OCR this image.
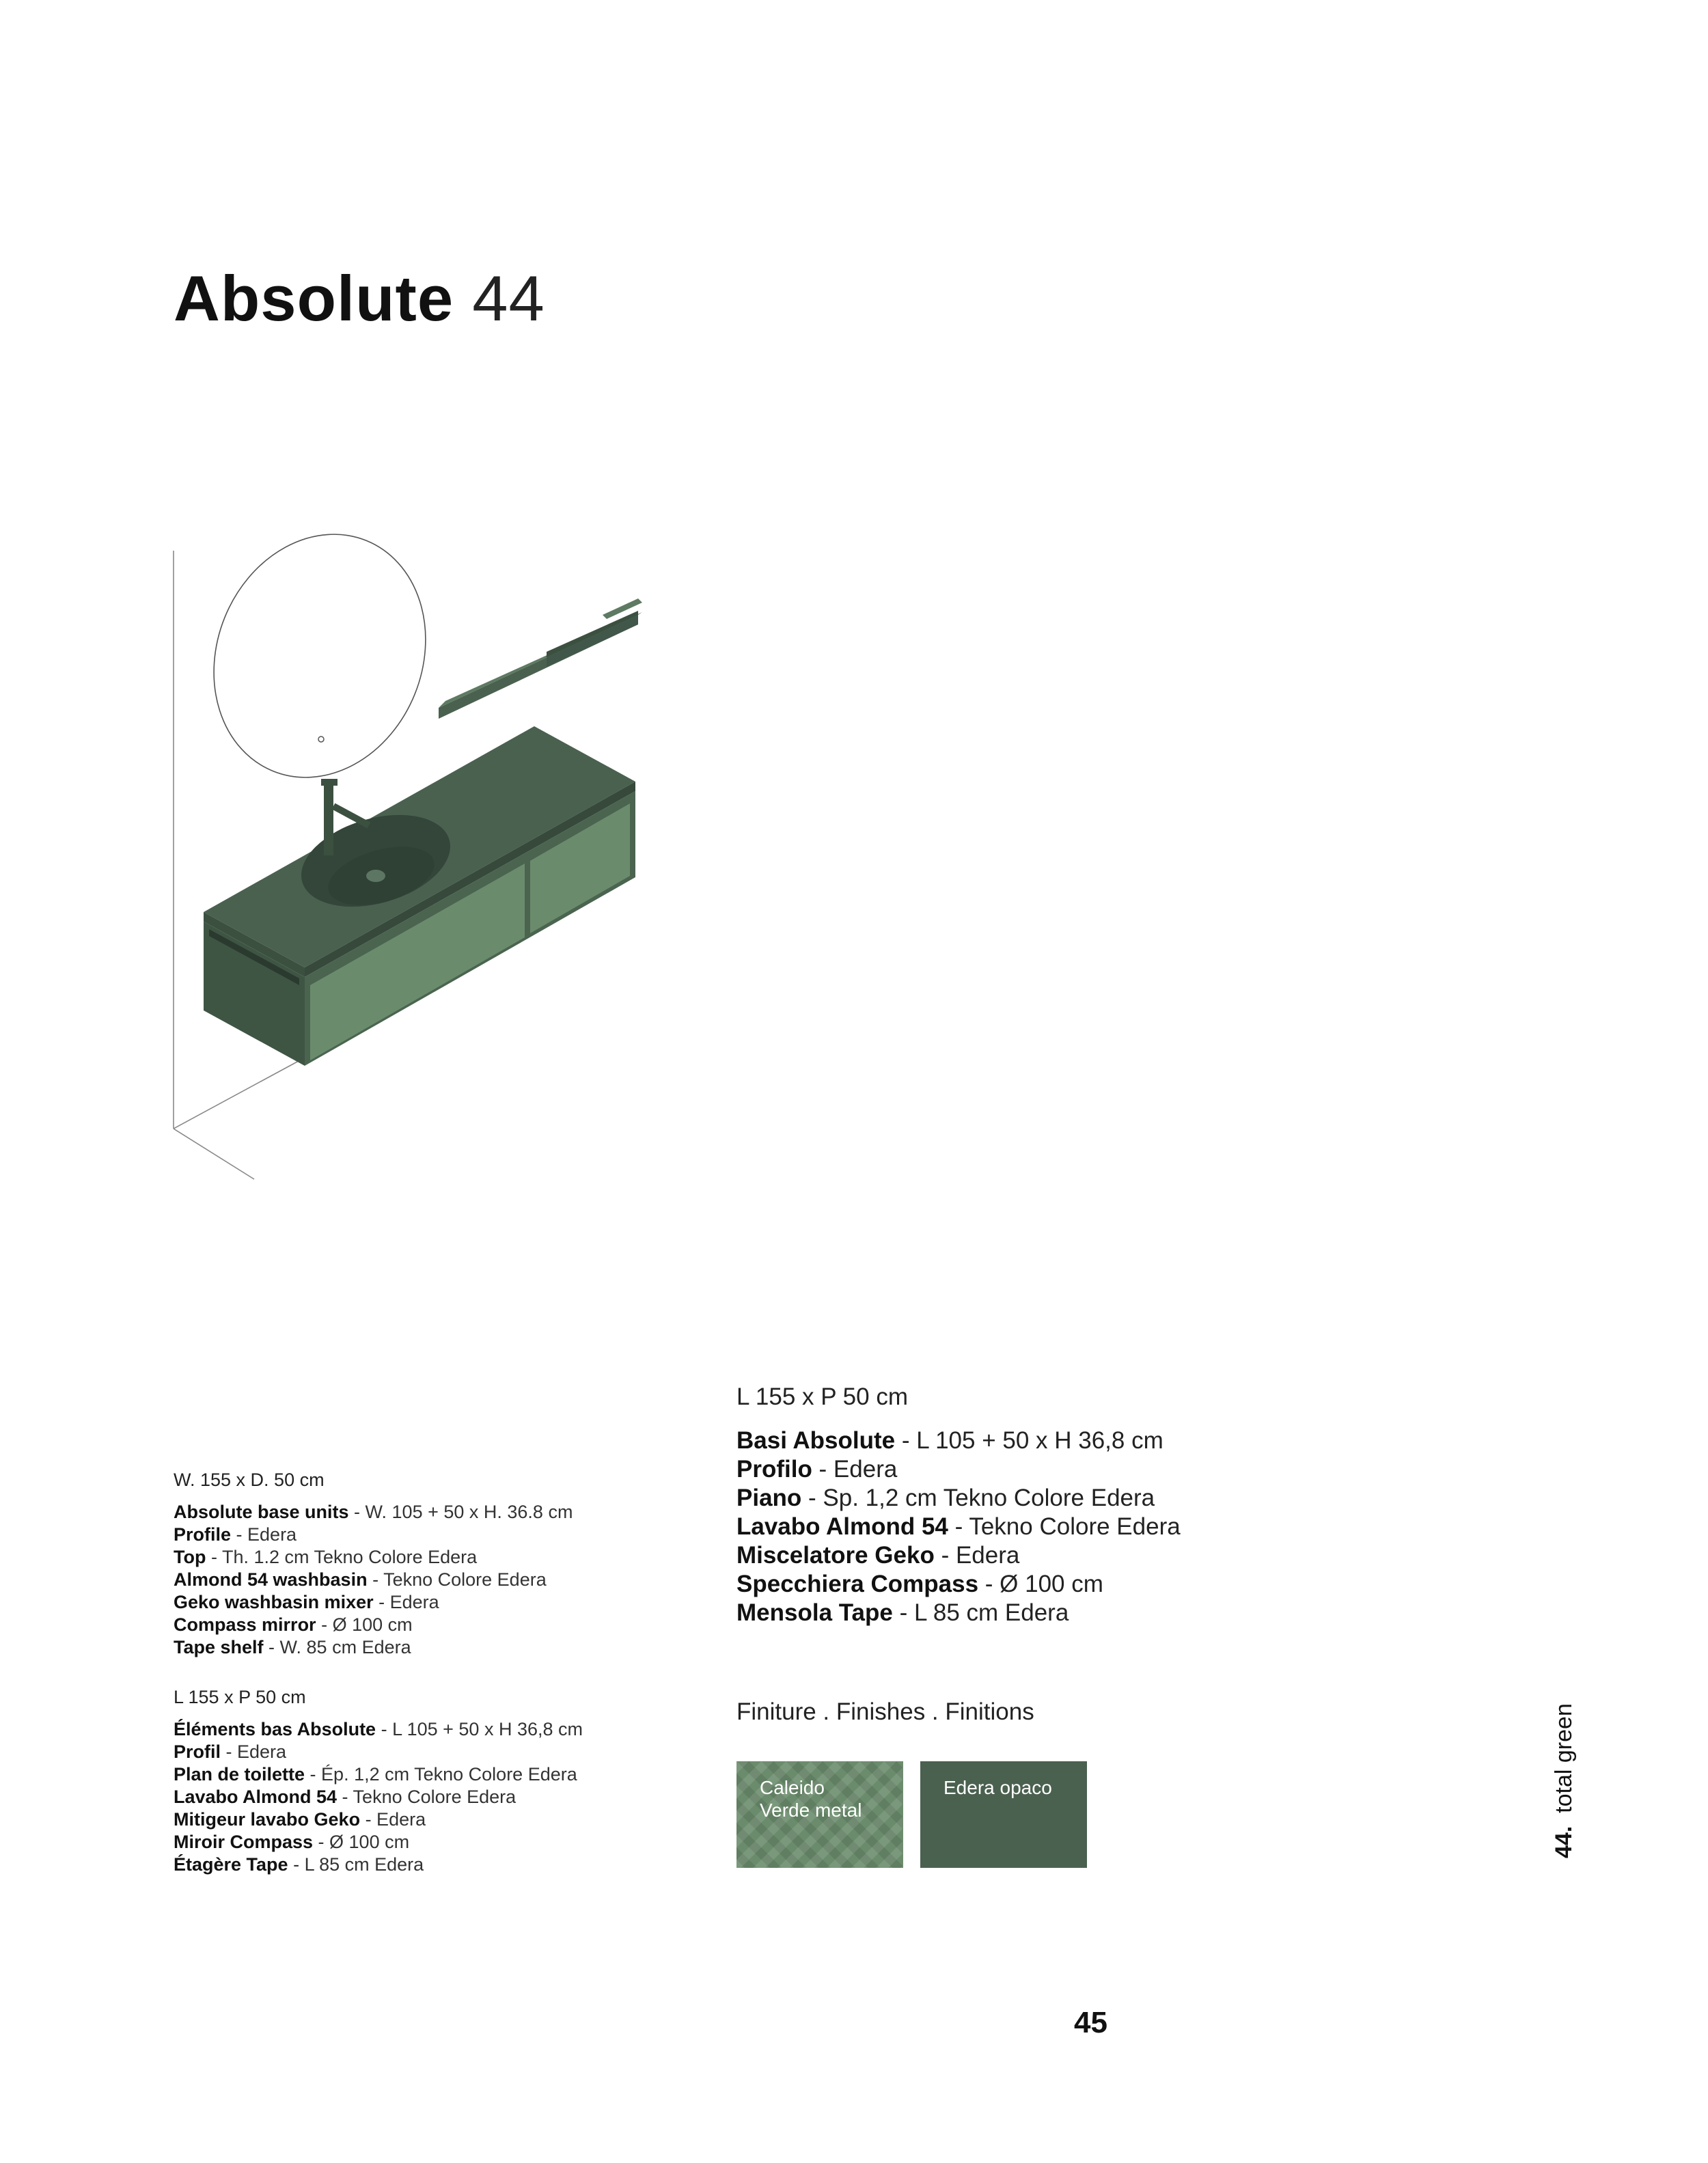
Absolute 44
W. 155 x D. 50 cm
Absolute base units - W. 105 + 50 x H. 36.8 cm
Profile - Edera
Top - Th. 1.2 cm Tekno Colore Edera
Almond 54 washbasin - Tekno Colore Edera
Geko washbasin mixer - Edera
Compass mirror - Ø 100 cm
Tape shelf - W. 85 cm Edera
L 155 x P 50 cm
Éléments bas Absolute - L 105 + 50 x H 36,8 cm
Profil - Edera
Plan de toilette - Ép. 1,2 cm Tekno Colore Edera
Lavabo Almond 54 - Tekno Colore Edera
Mitigeur lavabo Geko - Edera
Miroir Compass - Ø 100 cm
Étagère Tape - L 85 cm Edera
L 155 x P 50 cm
Basi Absolute - L 105 + 50 x H 36,8 cm
Profilo - Edera
Piano - Sp. 1,2 cm Tekno Colore Edera
Lavabo Almond 54 - Tekno Colore Edera
Miscelatore Geko - Edera
Specchiera Compass - Ø 100 cm
Mensola Tape - L 85 cm Edera
Finiture . Finishes . Finitions
Caleido
Verde metal
Edera opaco
44.  total green
45
